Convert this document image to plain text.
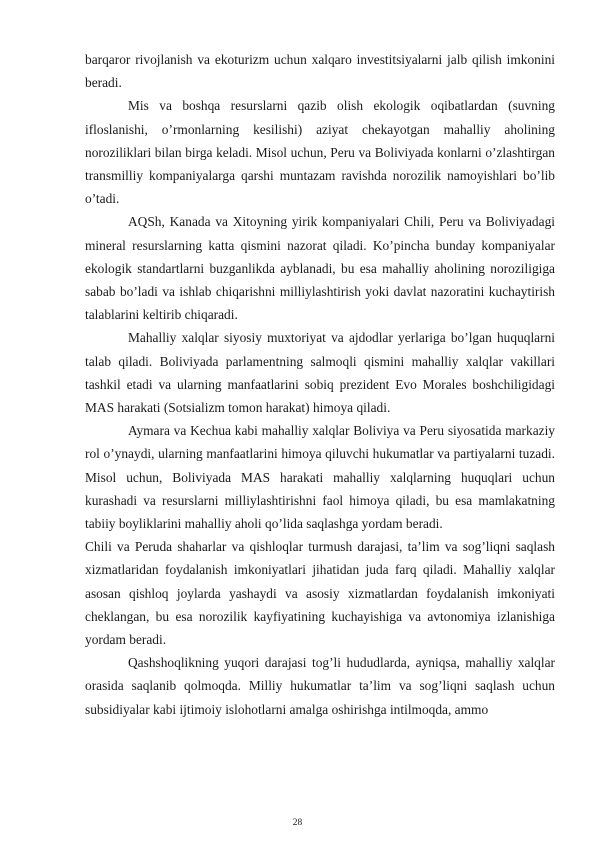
barqaror rivojlanish va ekoturizm uchun xalqaro investitsiyalarni jalb qilish imkonini beradi.

Mis va boshqa resurslarni qazib olish ekologik oqibatlardan (suvning ifloslanishi, o’rmonlarning kesilishi) aziyat chekayotgan mahalliy aholining noroziliklari bilan birga keladi. Misol uchun, Peru va Boliviyada konlarni o’zlashtirgan transmilliy kompaniyalarga qarshi muntazam ravishda norozilik namoyishlari bo’lib o’tadi.

AQSh, Kanada va Xitoyning yirik kompaniyalari Chili, Peru va Boliviyadagi mineral resurslarning katta qismini nazorat qiladi. Ko’pincha bunday kompaniyalar ekologik standartlarni buzganlikda ayblanadi, bu esa mahalliy aholining noroziligiga sabab bo’ladi va ishlab chiqarishni milliylashtirish yoki davlat nazoratini kuchaytirish talablarini keltirib chiqaradi.

Mahalliy xalqlar siyosiy muxtoriyat va ajdodlar yerlariga bo’lgan huquqlarni talab qiladi. Boliviyada parlamentning salmoqli qismini mahalliy xalqlar vakillari tashkil etadi va ularning manfaatlarini sobiq prezident Evo Morales boshchiligidagi MAS harakati (Sotsializm tomon harakat) himoya qiladi.

Aymara va Kechua kabi mahalliy xalqlar Boliviya va Peru siyosatida markaziy rol o’ynaydi, ularning manfaatlarini himoya qiluvchi hukumatlar va partiyalarni tuzadi. Misol uchun, Boliviyada MAS harakati mahalliy xalqlarning huquqlari uchun kurashadi va resurslarni milliylashtirishni faol himoya qiladi, bu esa mamlakatning tabiiy boyliklarini mahalliy aholi qo’lida saqlashga yordam beradi.

Chili va Peruda shaharlar va qishloqlar turmush darajasi, ta’lim va sog’liqni saqlash xizmatlaridan foydalanish imkoniyatlari jihatidan juda farq qiladi. Mahalliy xalqlar asosan qishloq joylarda yashaydi va asosiy xizmatlardan foydalanish imkoniyati cheklangan, bu esa norozilik kayfiyatining kuchayishiga va avtonomiya izlanishiga yordam beradi.

Qashshoqlikning yuqori darajasi tog’li hududlarda, ayniqsa, mahalliy xalqlar orasida saqlanib qolmoqda. Milliy hukumatlar ta’lim va sog’liqni saqlash uchun subsidiyalar kabi ijtimoiy islohotlarni amalga oshirishga intilmoqda, ammo

28
